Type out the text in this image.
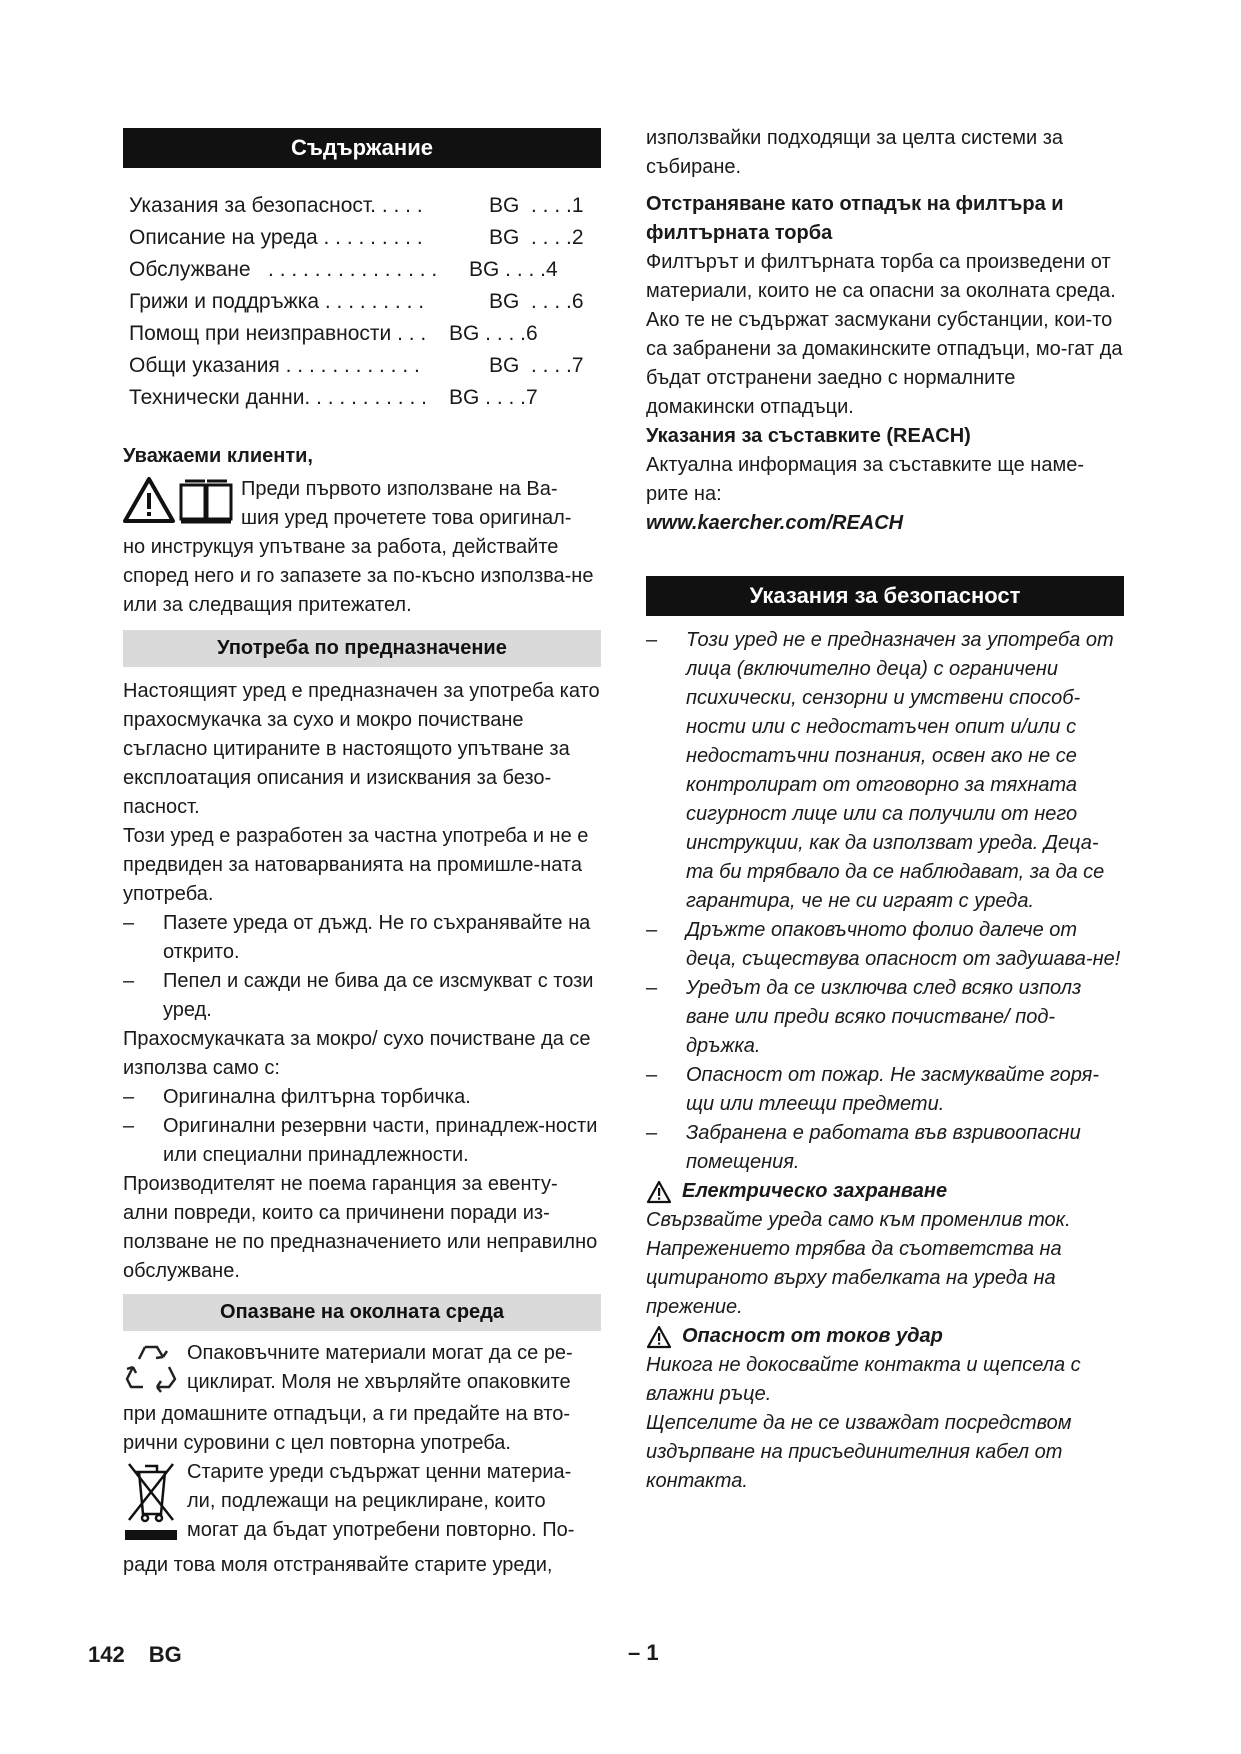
Съдържание
Указания за безопасност. . . . .	BG  . . . .1
Описание на уреда . . . . . . . . .	BG  . . . .2
Обслужване   . . . . . . . . . . . . . . .	BG . . . .4
Грижи и поддръжка . . . . . . . . .	BG  . . . .6
Помощ при неизправности . . .	BG . . . .6
Общи указания . . . . . . . . . . . .	BG  . . . .7
Технически данни. . . . . . . . . . .	BG . . . .7

Уважаеми клиенти,

Преди първото използване на Ва-

шия уред прочетете това оригинал-

но инструкцуя упътване за работа, действайте според него и го запазете за по-късно използва-не или за следващия притежател.

Употреба по предназначение

Настоящият уред е предназначен за употреба като прахосмукачка за сухо и мокро почистване съгласно цитираните в настоящото упътване за експлоатация описания и изисквания за безо-пасност.

Този уред е разработен за частна употреба и не е предвиден за натоварванията на промишле-ната употреба.

– Пазете уреда от дъжд. Не го съхранявайте на открито.
– Пепел и сажди не бива да се изсмукват с този уред.

Прахосмукачката за мокро/ сухо почистване да се използва само с:

– Оригинална филтърна торбичка.
– Оригинални резервни части, принадлеж-ности или специални принадлежности.

Производителят не поема гаранция за евенту-ални повреди, които са причинени поради из-ползване не по предназначението или неправилно обслужване.

Опазване на околната среда

Опаковъчните материали могат да се ре-

циклират. Моля не хвърляйте опаковките

при домашните отпадъци, а ги предайте на вто-рични суровини с цел повторна употреба.

Старите уреди съдържат ценни материа-

ли, подлежащи на рециклиране, които

могат да бъдат употребени повторно. По-

ради това моля отстранявайте старите уреди,

използвайки подходящи за целта системи за събиране.

Отстраняване като отпадък на филтъра и филтърната торба

Филтърът и филтърната торба са произведени от материали, които не са опасни за околната среда.

Ако те не съдържат засмукани субстанции, кои-то са забранени за домакинските отпадъци, мо-гат да бъдат отстранени заедно с нормалните домакински отпадъци.

Указания за съставките (REACH)

Актуална информация за съставките ще наме-рите на:

www.kaercher.com/REACH

Указания за безопасност
– Този уред не е предназначен за употреба от лица (включително деца) с ограничени психически, сензорни и умствени способ-ности или с недостатъчен опит и/или с недостатъчни познания, освен ако не се контролират от отговорно за тяхната сигурност лице или са получили от него инструкции, как да използват уреда. Деца-та би трябвало да се наблюдават, за да се гарантира, че не си играят с уреда.
– Дръжте опаковъчното фолио далече от деца, съществува опасност от задушава-не!
– Уредът да се изключва след всяко използ ване или преди всяко почистване/ под-дръжка.
– Опасност от пожар. Не засмуквайте горя-щи или тлеещи предмети.
– Забранена е работата във взривоопасни помещения.
Електрическо захранване

Свързвайте уреда само към променлив ток. Напрежението трябва да съответства на цитираното върху табелката на уреда на прежение.

Опасност от токов удар

Никога не докосвайте контакта и щепсела с влажни ръце.

Щепселите да не се изваждат посредством издърпване на присъединителния кабел от контакта.

142 BG	– 1
